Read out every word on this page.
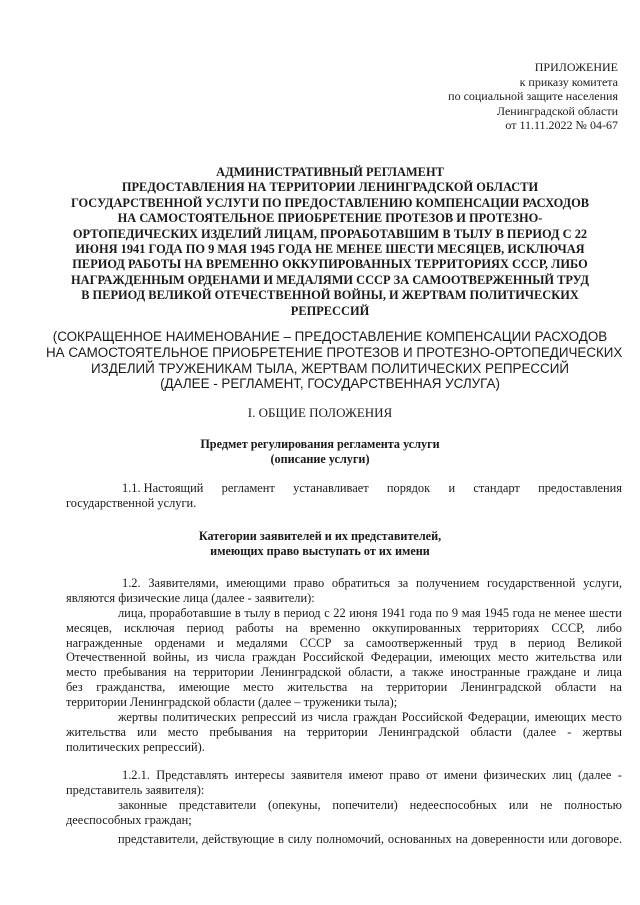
ПРИЛОЖЕНИЕ
к приказу комитета
по социальной защите населения
Ленинградской области
от 11.11.2022 № 04-67
АДМИНИСТРАТИВНЫЙ РЕГЛАМЕНТ
ПРЕДОСТАВЛЕНИЯ НА ТЕРРИТОРИИ ЛЕНИНГРАДСКОЙ ОБЛАСТИ
ГОСУДАРСТВЕННОЙ УСЛУГИ ПО ПРЕДОСТАВЛЕНИЮ КОМПЕНСАЦИИ РАСХОДОВ
НА САМОСТОЯТЕЛЬНОЕ ПРИОБРЕТЕНИЕ ПРОТЕЗОВ И ПРОТЕЗНО-
ОРТОПЕДИЧЕСКИХ ИЗДЕЛИЙ ЛИЦАМ, ПРОРАБОТАВШИМ В ТЫЛУ В ПЕРИОД С 22
ИЮНЯ 1941 ГОДА ПО 9 МАЯ 1945 ГОДА НЕ МЕНЕЕ ШЕСТИ МЕСЯЦЕВ, ИСКЛЮЧАЯ
ПЕРИОД РАБОТЫ НА ВРЕМЕННО ОККУПИРОВАННЫХ ТЕРРИТОРИЯХ СССР, ЛИБО
НАГРАЖДЕННЫМ ОРДЕНАМИ И МЕДАЛЯМИ СССР ЗА САМООТВЕРЖЕННЫЙ ТРУД
В ПЕРИОД ВЕЛИКОЙ ОТЕЧЕСТВЕННОЙ ВОЙНЫ, И ЖЕРТВАМ ПОЛИТИЧЕСКИХ
РЕПРЕССИЙ
(СОКРАЩЕННОЕ НАИМЕНОВАНИЕ – ПРЕДОСТАВЛЕНИЕ КОМПЕНСАЦИИ РАСХОДОВ
НА САМОСТОЯТЕЛЬНОЕ ПРИОБРЕТЕНИЕ ПРОТЕЗОВ И ПРОТЕЗНО-ОРТОПЕДИЧЕСКИХ
ИЗДЕЛИЙ ТРУЖЕНИКАМ ТЫЛА, ЖЕРТВАМ ПОЛИТИЧЕСКИХ РЕПРЕССИЙ
(ДАЛЕЕ - РЕГЛАМЕНТ, ГОСУДАРСТВЕННАЯ УСЛУГА)
I. ОБЩИЕ ПОЛОЖЕНИЯ
Предмет регулирования регламента услуги
(описание услуги)
1.1. Настоящий регламент устанавливает порядок и стандарт предоставления
государственной услуги.
Категории заявителей и их представителей,
имеющих право выступать от их имени
1.2. Заявителями, имеющими право обратиться за получением государственной услуги,
являются физические лица (далее - заявители):
лица, проработавшие в тылу в период с 22 июня 1941 года по 9 мая 1945 года не менее шести
месяцев, исключая период работы на временно оккупированных территориях СССР, либо
награжденные орденами и медалями СССР за самоотверженный труд в период Великой
Отечественной войны, из числа граждан Российской Федерации, имеющих место жительства или
место пребывания на территории Ленинградской области, а также иностранные граждане и лица
без гражданства, имеющие место жительства на территории Ленинградской области на
территории Ленинградской области (далее – труженики тыла);
жертвы политических репрессий из числа граждан Российской Федерации, имеющих место
жительства или место пребывания на территории Ленинградской области (далее - жертвы
политических репрессий).
1.2.1. Представлять интересы заявителя имеют право от имени физических лиц (далее -
представитель заявителя):
законные представители (опекуны, попечители) недееспособных или не полностью
дееспособных граждан;
представители, действующие в силу полномочий, основанных на доверенности или договоре.
